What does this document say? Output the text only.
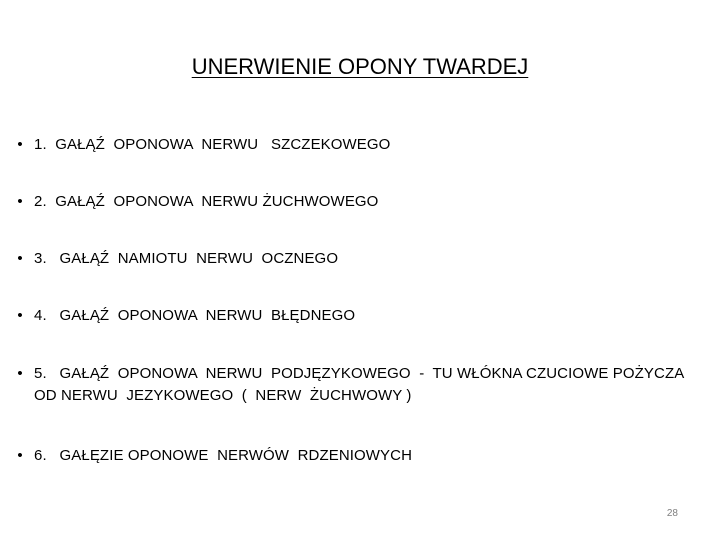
UNERWIENIE OPONY TWARDEJ
• 1.  GAŁĄŹ  OPONOWA  NERWU   SZCZEKOWEGO
• 2.  GAŁĄŹ  OPONOWA  NERWU ŻUCHWOWEGO
• 3.   GAŁĄŹ  NAMIOTU  NERWU  OCZNEGO
• 4.   GAŁĄŹ  OPONOWA  NERWU  BŁĘDNEGO
• 5.   GAŁĄŹ  OPONOWA  NERWU  PODJĘZYKOWEGO  -  TU WŁÓKNA CZUCIOWE POŻYCZA  OD NERWU  JEZYKOWEGO  (  NERW  ŻUCHWOWY )
• 6.   GAŁĘZIE OPONOWE  NERWÓW  RDZENIOWYCH
28
